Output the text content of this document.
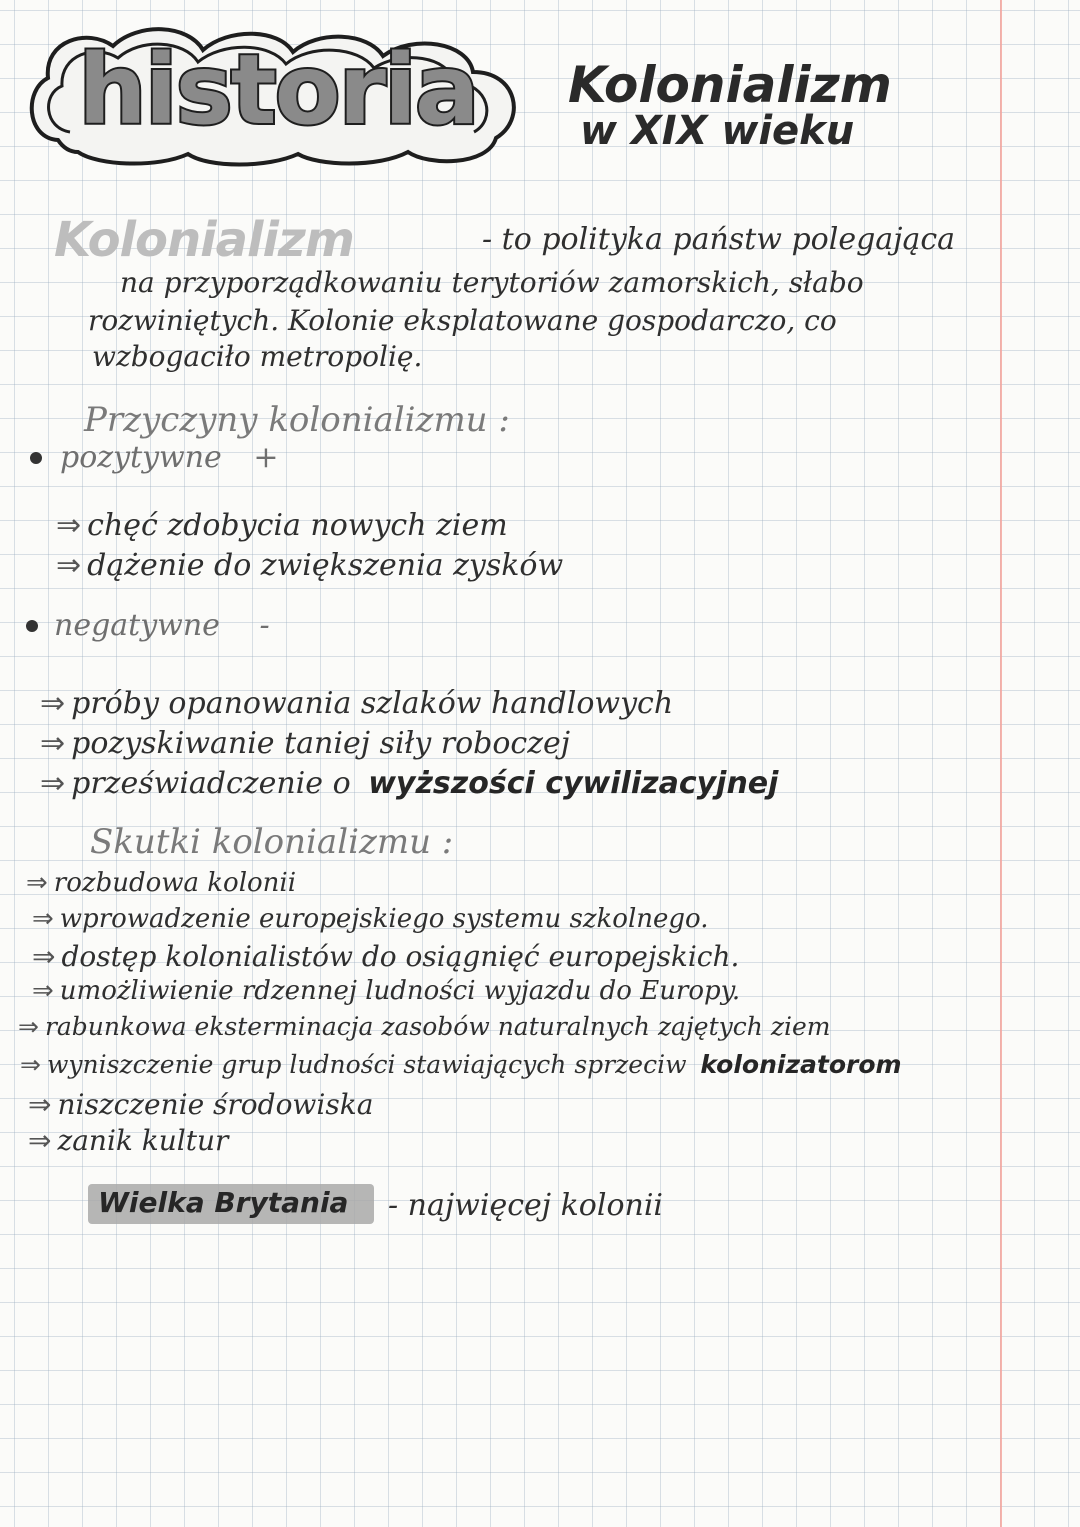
historia	Kolonializm
w XIX wieku
Kolonializm	- to polityka państw polegająca
na przyporządkowaniu terytoriów zamorskich, słabo
rozwiniętych. Kolonie eksplatowane gospodarczo, co
wzbogaciło metropolię.
Przyczyny kolonializmu :
pozytywne +
⇒ chęć zdobycia nowych ziem
⇒ dążenie do zwiększenia zysków
negatywne -
⇒ próby opanowania szlaków handlowych
⇒ pozyskiwanie taniej siły roboczej
⇒ przeświadczenie o wyższości cywilizacyjnej
Skutki kolonializmu :
⇒ rozbudowa kolonii
⇒ wprowadzenie europejskiego systemu szkolnego.
⇒ dostęp kolonialistów do osiągnięć europejskich.
⇒ umożliwienie rdzennej ludności wyjazdu do Europy.
⇒ rabunkowa eksterminacja zasobów naturalnych zajętych ziem
⇒ wyniszczenie grup ludności stawiających sprzeciw kolonizatorom
⇒ niszczenie środowiska
⇒ zanik kultur
Wielka Brytania - najwięcej kolonii
